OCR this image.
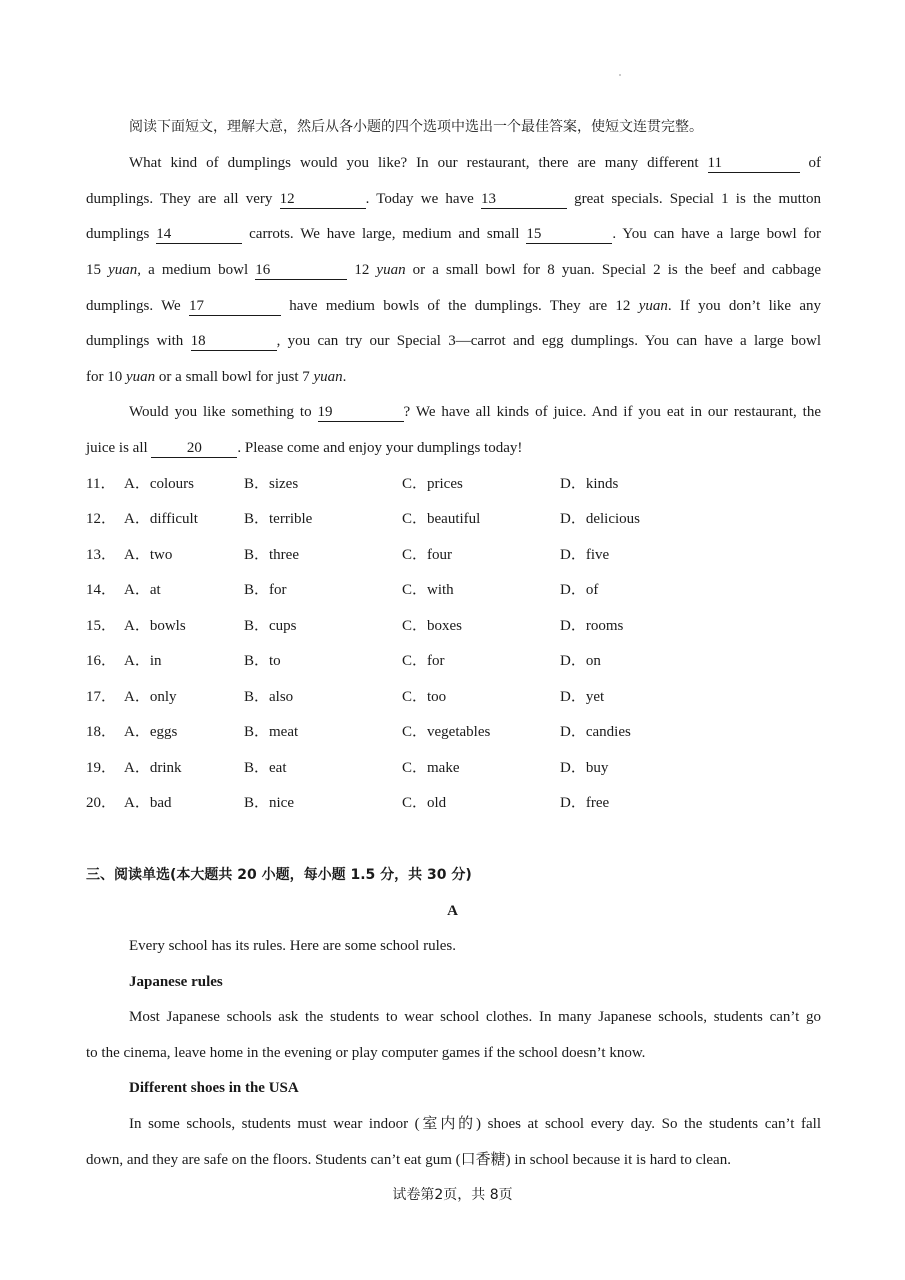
阅读下面短文，理解大意，然后从各小题的四个选项中选出一个最佳答案，使短文连贯完整。
What kind of dumplings would you like? In our restaurant, there are many different 11	of
dumplings. They are all very 12	. Today we have 13	great specials. Special 1 is the mutton
dumplings 14	carrots. We have large, medium and small 15	. You can have a large bowl for
15 yuan, a medium bowl 16	12 yuan or a small bowl for 8 yuan. Special 2 is the beef and cabbage
dumplings. We 17	have medium bowls of the dumplings. They are 12 yuan. If you don’t like any
dumplings with 18	, you can try our Special 3—carrot and egg dumplings. You can have a large bowl
for 10 yuan or a small bowl for just 7 yuan.
Would you like something to 19	? We have all kinds of juice. And if you eat in our restaurant, the
juice is all	20 . Please come and enjoy your dumplings today!
11． A．colours	B．sizes	C．prices	D．kinds
12． A．difficult	B．terrible	C．beautiful	D．delicious
13． A．two	B．three	C．four	D．five
14． A．at	B．for	C．with	D．of
15． A．bowls	B．cups	C．boxes	D．rooms
16． A．in	B．to	C．for	D．on
17． A．only	B．also	C．too	D．yet
18． A．eggs	B．meat	C．vegetables	D．candies
19． A．drink	B．eat	C．make	D．buy
20． A．bad	B．nice	C．old	D．free
三、阅读单选(本大题共 20 小题，每小题 1.5 分，共 30 分)
A
Every school has its rules. Here are some school rules.
Japanese rules
Most Japanese schools ask the students to wear school clothes. In many Japanese schools, students can’t go
to the cinema, leave home in the evening or play computer games if the school doesn’t know.
Different shoes in the USA
In some schools, students must wear indoor (室内的) shoes at school every day. So the students can’t fall
down, and they are safe on the floors. Students can’t eat gum (口香糖) in school because it is hard to clean.
试卷第2页，共 8页
